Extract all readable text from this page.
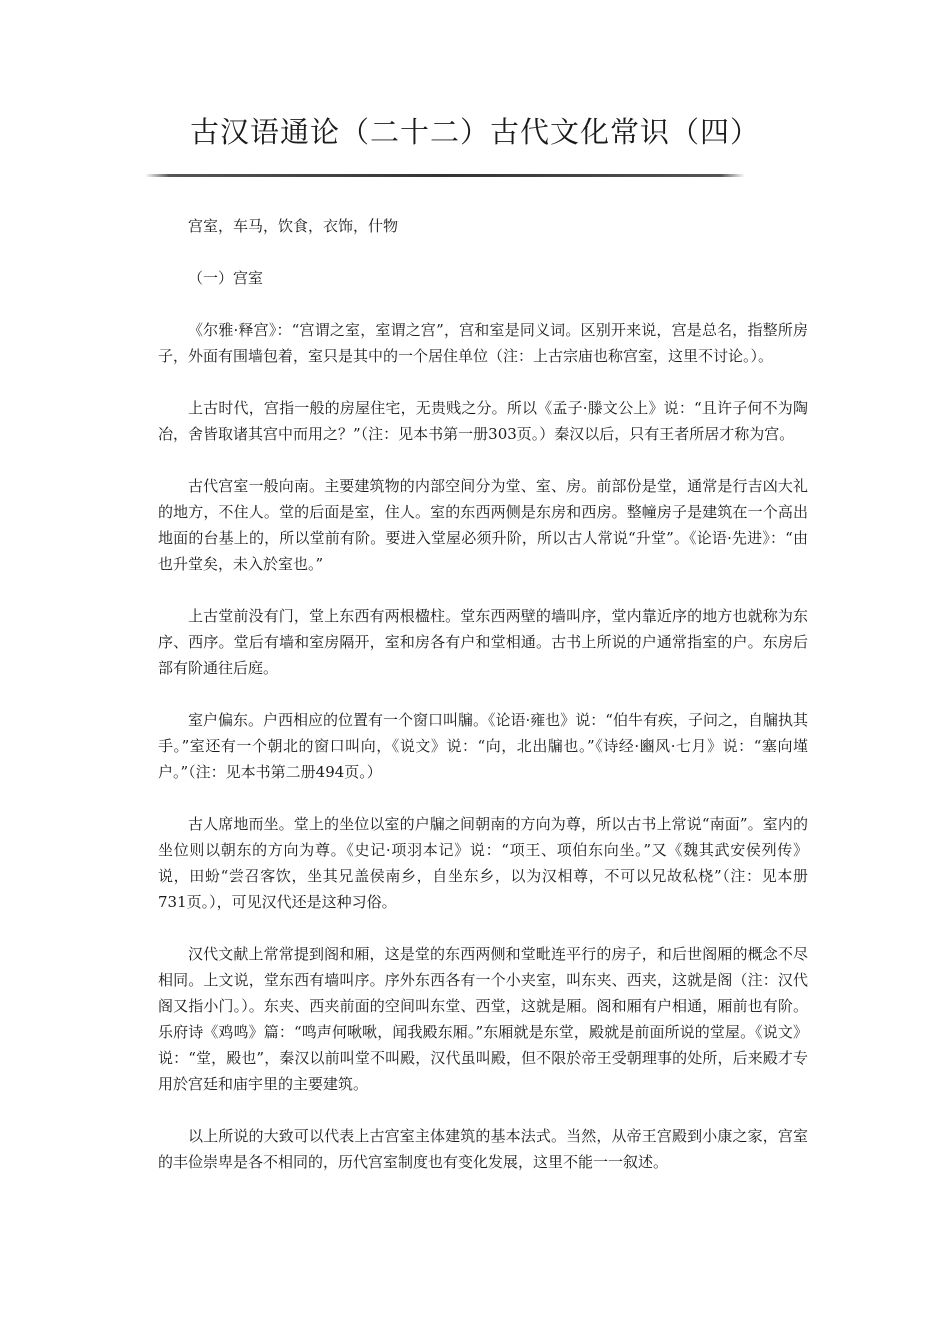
古汉语通论（二十二）古代文化常识（四）

宫室，车马，饮食，衣饰，什物

（一）宫室

《尔雅·释宫》：“宫谓之室，室谓之宫”，宫和室是同义词。区别开来说，宫是总名，指整所房子，外面有围墙包着，室只是其中的一个居住单位（注：上古宗庙也称宫室，这里不讨论。）。

上古时代，宫指一般的房屋住宅，无贵贱之分。所以《孟子·滕文公上》说：“且许子何不为陶冶，舍皆取诸其宫中而用之？”（注：见本书第一册303页。）秦汉以后，只有王者所居才称为宫。

古代宫室一般向南。主要建筑物的内部空间分为堂、室、房。前部份是堂，通常是行吉凶大礼的地方，不住人。堂的后面是室，住人。室的东西两侧是东房和西房。整幢房子是建筑在一个高出地面的台基上的，所以堂前有阶。要进入堂屋必须升阶，所以古人常说“升堂”。《论语·先进》：“由也升堂矣，未入於室也。”

上古堂前没有门，堂上东西有两根楹柱。堂东西两壁的墙叫序，堂内靠近序的地方也就称为东序、西序。堂后有墙和室房隔开，室和房各有户和堂相通。古书上所说的户通常指室的户。东房后部有阶通往后庭。

室户偏东。户西相应的位置有一个窗口叫牖。《论语·雍也》说：“伯牛有疾，子问之，自牖执其手。”室还有一个朝北的窗口叫向，《说文》说：“向，北出牖也。”《诗经·豳风·七月》说：“塞向墐户。”（注：见本书第二册494页。）

古人席地而坐。堂上的坐位以室的户牖之间朝南的方向为尊，所以古书上常说“南面”。室内的坐位则以朝东的方向为尊。《史记·项羽本记》说：“项王、项伯东向坐。”又《魏其武安侯列传》说，田蚡“尝召客饮，坐其兄盖侯南乡，自坐东乡，以为汉相尊，不可以兄故私桡”（注：见本册731页。），可见汉代还是这种习俗。

汉代文献上常常提到阁和厢，这是堂的东西两侧和堂毗连平行的房子，和后世阁厢的概念不尽相同。上文说，堂东西有墙叫序。序外东西各有一个小夹室，叫东夹、西夹，这就是阁（注：汉代阁又指小门。）。东夹、西夹前面的空间叫东堂、西堂，这就是厢。阁和厢有户相通，厢前也有阶。乐府诗《鸡鸣》篇：“鸣声何啾啾，闻我殿东厢。”东厢就是东堂，殿就是前面所说的堂屋。《说文》说：“堂，殿也”，秦汉以前叫堂不叫殿，汉代虽叫殿，但不限於帝王受朝理事的处所，后来殿才专用於宫廷和庙宇里的主要建筑。

以上所说的大致可以代表上古宫室主体建筑的基本法式。当然，从帝王宫殿到小康之家，宫室的丰俭崇卑是各不相同的，历代宫室制度也有变化发展，这里不能一一叙述。
